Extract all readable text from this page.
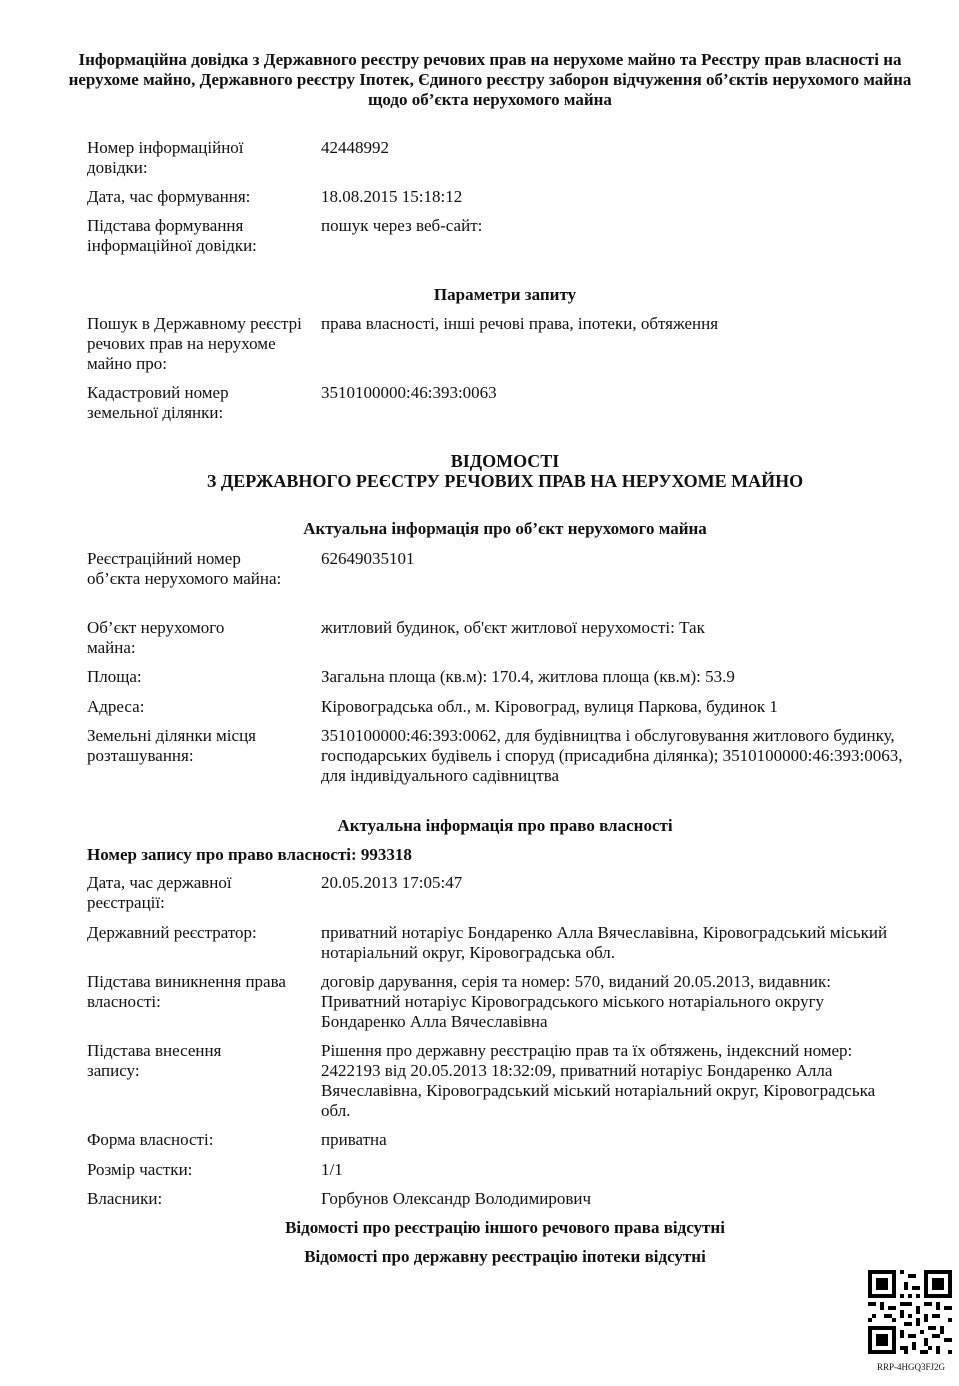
Інформаційна довідка з Державного реєстру речових прав на нерухоме майно та Реєстру прав власності на нерухоме майно, Державного реєстру Іпотек, Єдиного реєстру заборон відчуження об’єктів нерухомого майна щодо об’єкта нерухомого майна
Номер інформаційної довідки:
42448992
Дата, час формування:	18.08.2015 15:18:12
Підстава формування інформаційної довідки:
пошук через веб-сайт:
Параметри запиту
Пошук в Державному реєстрі речових прав на нерухоме майно про:
права власності, інші речові права, іпотеки, обтяження
Кадастровий номер земельної ділянки:
3510100000:46:393:0063
ВІДОМОСТІ
З ДЕРЖАВНОГО РЕЄСТРУ РЕЧОВИХ ПРАВ НА НЕРУХОМЕ МАЙНО
Актуальна інформація про об’єкт нерухомого майна
Реєстраційний номер об’єкта нерухомого майна:
62649035101
Об’єкт нерухомого майна:
житловий будинок, об'єкт житлової нерухомості: Так
Площа:	Загальна площа (кв.м): 170.4, житлова площа (кв.м): 53.9
Адреса:	Кіровоградська обл., м. Кіровоград, вулиця Паркова, будинок 1
Земельні ділянки місця розташування:
3510100000:46:393:0062, для будівництва і обслуговування житлового будинку, господарських будівель і споруд (присадибна ділянка); 3510100000:46:393:0063, для індивідуального садівництва
Актуальна інформація про право власності
Номер запису про право власності: 993318
Дата, час державної реєстрації:
20.05.2013 17:05:47
Державний реєстратор:	приватний нотаріус Бондаренко Алла Вячеславівна, Кіровоградський міський нотаріальний округ, Кіровоградська обл.
Підстава виникнення права власності:
договір дарування, серія та номер: 570, виданий 20.05.2013, видавник: Приватний нотаріус Кіровоградського міського нотаріального округу Бондаренко Алла Вячеславівна
Підстава внесення запису:
Рішення про державну реєстрацію прав та їх обтяжень, індексний номер: 2422193 від 20.05.2013 18:32:09, приватний нотаріус Бондаренко Алла Вячеславівна, Кіровоградський міський нотаріальний округ, Кіровоградська обл.
Форма власності:	приватна
Розмір частки:	1/1
Власники:	Горбунов Олександр Володимирович
Відомості про реєстрацію іншого речового права відсутні
Відомості про державну реєстрацію іпотеки відсутні
RRP-4HGQ3FJ2G
